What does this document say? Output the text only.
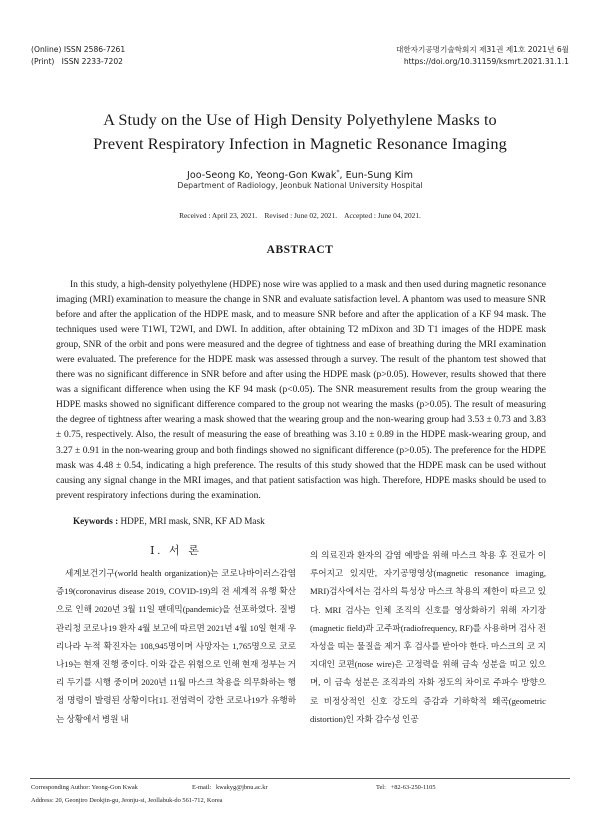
(Online) ISSN 2586-7261
(Print)   ISSN 2233-7202
대한자기공명기술학회지 제31권 제1호 2021년 6월
https://doi.org/10.31159/ksmrt.2021.31.1.1
A Study on the Use of High Density Polyethylene Masks to
Prevent Respiratory Infection in Magnetic Resonance Imaging
Joo-Seong Ko, Yeong-Gon Kwak*, Eun-Sung Kim
Department of Radiology, Jeonbuk National University Hospital
Received : April 23, 2021.    Revised : June 02, 2021.    Accepted : June 04, 2021.
ABSTRACT
In this study, a high-density polyethylene (HDPE) nose wire was applied to a mask and then used during magnetic resonance imaging (MRI) examination to measure the change in SNR and evaluate satisfaction level. A phantom was used to measure SNR before and after the application of the HDPE mask, and to measure SNR before and after the application of a KF 94 mask. The techniques used were T1WI, T2WI, and DWI. In addition, after obtaining T2 mDixon and 3D T1 images of the HDPE mask group, SNR of the orbit and pons were measured and the degree of tightness and ease of breathing during the MRI examination were evaluated. The preference for the HDPE mask was assessed through a survey. The result of the phantom test showed that there was no significant difference in SNR before and after using the HDPE mask (p>0.05). However, results showed that there was a significant difference when using the KF 94 mask (p<0.05). The SNR measurement results from the group wearing the HDPE masks showed no significant difference compared to the group not wearing the masks (p>0.05). The result of measuring the degree of tightness after wearing a mask showed that the wearing group and the non-wearing group had 3.53 ± 0.73 and 3.83 ± 0.75, respectively. Also, the result of measuring the ease of breathing was 3.10 ± 0.89 in the HDPE mask-wearing group, and 3.27 ± 0.91 in the non-wearing group and both findings showed no significant difference (p>0.05). The preference for the HDPE mask was 4.48 ± 0.54, indicating a high preference. The results of this study showed that the HDPE mask can be used without causing any signal change in the MRI images, and that patient satisfaction was high. Therefore, HDPE masks should be used to prevent respiratory infections during the examination.
Keywords : HDPE, MRI mask, SNR, KF AD Mask
Ⅰ. 서 론
세계보건기구(world health organization)는 코로나바이러스감염증19(coronavirus disease 2019, COVID-19)의 전 세계적 유행 확산으로 인해 2020년 3월 11일 팬데믹(pandemic)을 선포하였다. 질병관리청 코로나19 환자 4월 보고에 따르면 2021년 4월 10일 현재 우리나라 누적 확진자는 108,945명이며 사망자는 1,765명으로 코로나19는 현재 진행 중이다. 이와 같은 위험으로 인해 현재 정부는 거리 두기를 시행 중이며 2020년 11월 마스크 착용을 의무화하는 행정 명령이 발령된 상황이다[1]. 전염력이 강한 코로나19가 유행하는 상황에서 병원 내
의 의료진과 환자의 감염 예방을 위해 마스크 착용 후 진료가 이루어지고 있지만, 자기공명영상(magnetic resonance imaging, MRI)검사에서는 검사의 특성상 마스크 착용의 제한이 따르고 있다. MRI 검사는 인체 조직의 신호를 영상화하기 위해 자기장(magnetic field)과 고주파(radiofrequency, RF)를 사용하며 검사 전 자성을 띠는 물질을 제거 후 검사를 받아야 한다. 마스크의 코 지지대인 코편(nose wire)은 고정력을 위해 금속 성분을 띠고 있으며, 이 금속 성분은 조직과의 자화 정도의 차이로 주파수 방향으로 비정상적인 신호 강도의 증감과 기하학적 왜곡(geometric distortion)인 자화 감수성 인공
Corresponding Author: Yeong-Gon Kwak	E-mail:   kwakyg@jbnu.ac.kr	Tel:   +82-63-250-1105
Address: 20, Geonjiro Deokjin-gu, Jeonju-si, Jeollabuk-do 561-712, Korea
